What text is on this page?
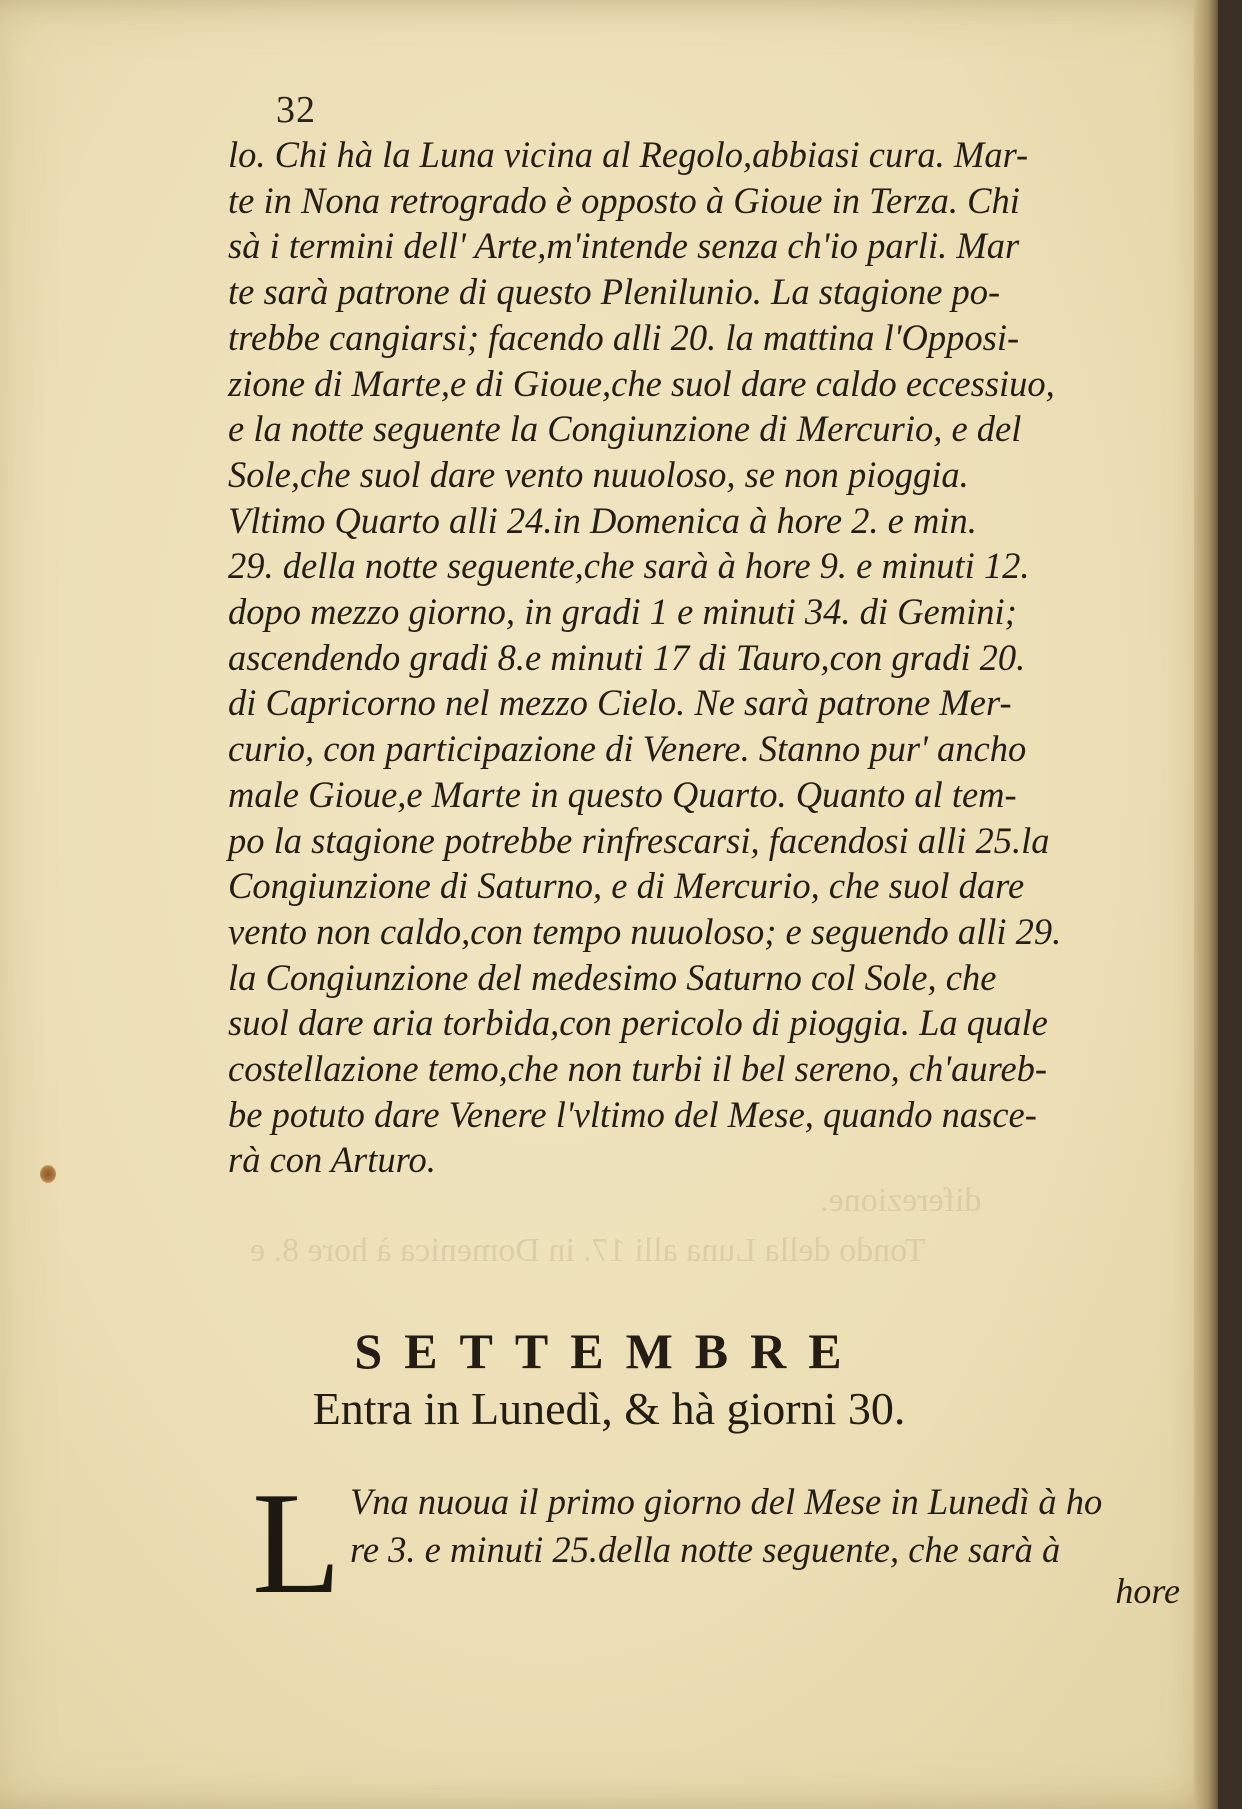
Tondo della Luna alli 17. in Domenica à hore 8. e
diferezione.
32
lo. Chi hà la Luna vicina al Regolo,abbiasi cura. Mar-
te in Nona retrogrado è opposto à Gioue in Terza. Chi
sà i termini dell' Arte,m'intende senza ch'io parli. Mar
te sarà patrone di questo Plenilunio. La stagione po-
trebbe cangiarsi; facendo alli 20. la mattina l'Opposi-
zione di Marte,e di Gioue,che suol dare caldo eccessiuo,
e la notte seguente la Congiunzione di Mercurio, e del
Sole,che suol dare vento nuuoloso, se non pioggia.
Vltimo Quarto alli 24.in Domenica à hore 2. e min.
29. della notte seguente,che sarà à hore 9. e minuti 12.
dopo mezzo giorno, in gradi 1 e minuti 34. di Gemini;
ascendendo gradi 8.e minuti 17 di Tauro,con gradi 20.
di Capricorno nel mezzo Cielo. Ne sarà patrone Mer-
curio, con participazione di Venere. Stanno pur' ancho
male Gioue,e Marte in questo Quarto. Quanto al tem-
po la stagione potrebbe rinfrescarsi, facendosi alli 25.la
Congiunzione di Saturno, e di Mercurio, che suol dare
vento non caldo,con tempo nuuoloso; e seguendo alli 29.
la Congiunzione del medesimo Saturno col Sole, che
suol dare aria torbida,con pericolo di pioggia. La quale
costellazione temo,che non turbi il bel sereno, ch'aureb-
be potuto dare Venere l'vltimo del Mese, quando nasce-
rà con Arturo.
SETTEMBRE
Entra in Lunedì, & hà giorni 30.
L Vna nuoua il primo giorno del Mese in Lunedì à ho
re 3. e minuti 25.della notte seguente, che sarà à
hore
